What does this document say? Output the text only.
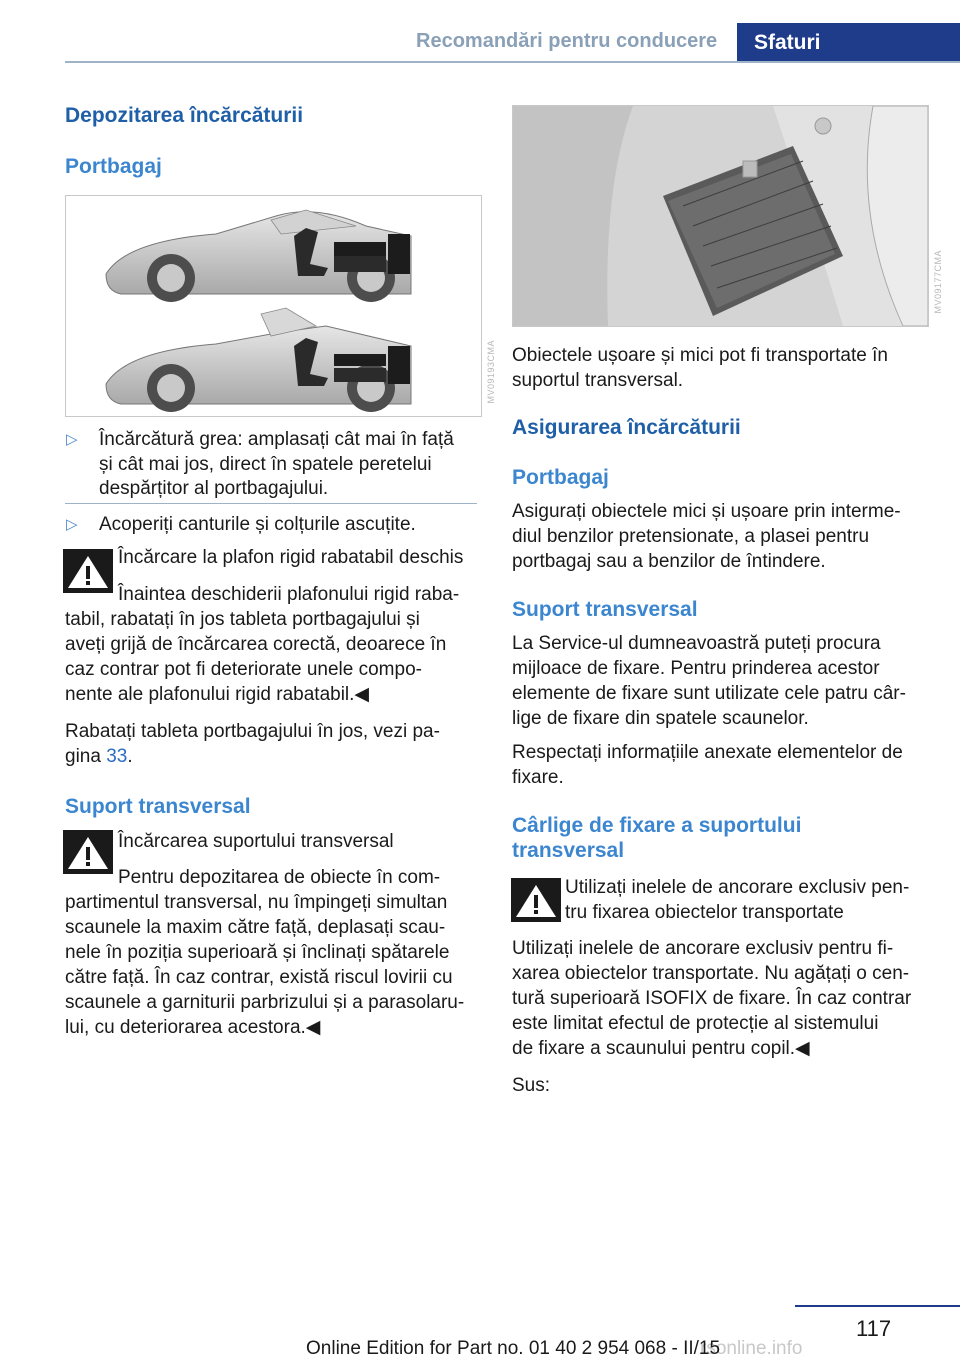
Recomandări pentru conducere	Sfaturi
Depozitarea încărcăturii
Portbagaj
MV09193CMA
▷ Încărcătură grea: amplasați cât mai în față și cât mai jos, direct în spatele peretelui despărțitor al portbagajului.
▷ Acoperiți canturile și colțurile ascuțite.

Încărcare la plafon rigid rabatabil deschis

Înaintea deschiderii plafonului rigid raba‐

tabil, rabatați în jos tableta portbagajului și

aveți grijă de încărcarea corectă, deoarece în

caz contrar pot fi deteriorate unele compo‐

nente ale plafonului rigid rabatabil.◀

Rabatați tableta portbagajului în jos, vezi pa‐

gina 33.

Suport transversal

Încărcarea suportului transversal

Pentru depozitarea de obiecte în com‐

partimentul transversal, nu împingeți simultan

scaunele la maxim către față, deplasați scau‐

nele în poziția superioară și înclinați spătarele

către față. În caz contrar, există riscul lovirii cu

scaunele a garniturii parbrizului și a parasolaru‐

lui, cu deteriorarea acestora.◀

MV09177CMA

Obiectele ușoare și mici pot fi transportate în

suportul transversal.

Asigurarea încărcăturii
Portbagaj

Asigurați obiectele mici și ușoare prin interme‐

diul benzilor pretensionate, a plasei pentru

portbagaj sau a benzilor de întindere.

Suport transversal

La Service-ul dumneavoastră puteți procura

mijloace de fixare. Pentru prinderea acestor

elemente de fixare sunt utilizate cele patru câr‐

lige de fixare din spatele scaunelor.

Respectați informațiile anexate elementelor de

fixare.

Cârlige de fixare a suportului
transversal

Utilizați inelele de ancorare exclusiv pen‐

tru fixarea obiectelor transportate

Utilizați inelele de ancorare exclusiv pentru fi‐

xarea obiectelor transportate. Nu agățați o cen‐

tură superioară ISOFIX de fixare. În caz contrar

este limitat efectul de protecție al sistemului

de fixare a scaunului pentru copil.◀

Sus:

117
rsonline.info
Online Edition for Part no. 01 40 2 954 068 - II/15
